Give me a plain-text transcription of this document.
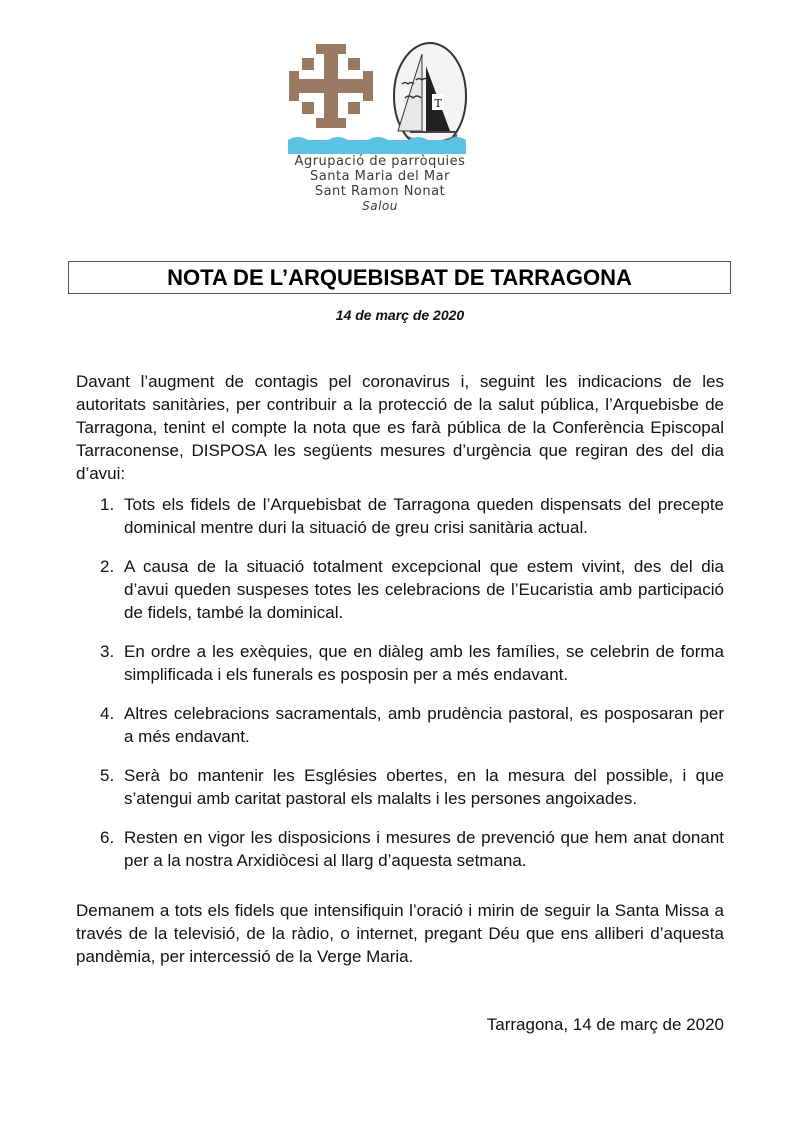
T
Agrupació de parròquies
Santa Maria del Mar
Sant Ramon Nonat
Salou
NOTA DE L’ARQUEBISBAT DE TARRAGONA
14 de març de 2020

Davant l’augment de contagis pel coronavirus i, seguint les indicacions de les autoritats sanitàries, per contribuir a la protecció de la salut pública, l’Arquebisbe de Tarragona, tenint el compte la nota que es farà pública de la Conferència Episcopal Tarraconense, DISPOSA les següents mesures d’urgència que regiran des del dia d’avui:

1. Tots els fidels de l’Arquebisbat de Tarragona queden dispensats del precepte dominical mentre duri la situació de greu crisi sanitària actual.
2. A causa de la situació totalment excepcional que estem vivint, des del dia d’avui queden suspeses totes les celebracions de l’Eucaristia amb participació de fidels, també la dominical.
3. En ordre a les exèquies, que en diàleg amb les famílies, se celebrin de forma simplificada i els funerals es posposin per a més endavant.
4. Altres celebracions sacramentals, amb prudència pastoral, es posposaran per a més endavant.
5. Serà bo mantenir les Esglésies obertes, en la mesura del possible, i que s’atengui amb caritat pastoral els malalts i les persones angoixades.
6. Resten en vigor les disposicions i mesures de prevenció que hem anat donant per a la nostra Arxidiòcesi al llarg d’aquesta setmana.

Demanem a tots els fidels que intensifiquin l’oració i mirin de seguir la Santa Missa a través de la televisió, de la ràdio, o internet, pregant Déu que ens alliberi d’aquesta pandèmia, per intercessió de la Verge Maria.

Tarragona, 14 de març de 2020
